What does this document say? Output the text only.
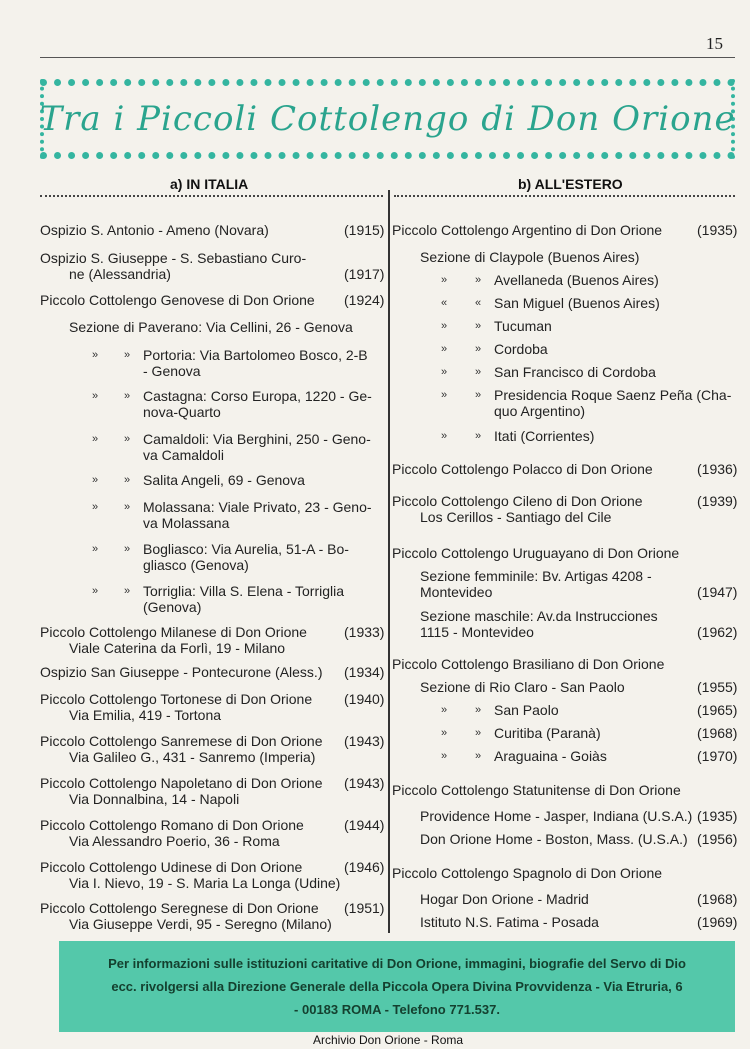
15
Tra i Piccoli Cottolengo di Don Orione
a) IN ITALIA	b) ALL'ESTERO
Ospizio S. Antonio - Ameno (Novara)	(1915)
Ospizio S. Giuseppe - S. Sebastiano Curo-
ne (Alessandria)	(1917)
Piccolo Cottolengo Genovese di Don Orione (1924)
Sezione di Paverano: Via Cellini, 26 - Genova
» » Portoria: Via Bartolomeo Bosco, 2-B
- Genova
» » Castagna: Corso Europa, 1220 - Ge-
nova-Quarto
» » Camaldoli: Via Berghini, 250 - Geno-
va Camaldoli
» » Salita Angeli, 69 - Genova
» » Molassana: Viale Privato, 23 - Geno-
va Molassana
» » Bogliasco: Via Aurelia, 51-A - Bo-
gliasco (Genova)
» » Torriglia: Villa S. Elena - Torriglia
(Genova)
Piccolo Cottolengo Milanese di Don Orione
Viale Caterina da Forlì, 19 - Milano
(1933)
Ospizio San Giuseppe - Pontecurone (Aless.) (1934)
Piccolo Cottolengo Tortonese di Don Orione
Via Emilia, 419 - Tortona
(1940)
Piccolo Cottolengo Sanremese di Don Orione
Via Galileo G., 431 - Sanremo (Imperia)
(1943)
Piccolo Cottolengo Napoletano di Don Orione
Via Donnalbina, 14 - Napoli
(1943)
Piccolo Cottolengo Romano di Don Orione
Via Alessandro Poerio, 36 - Roma
(1944)
Piccolo Cottolengo Udinese di Don Orione
Via I. Nievo, 19 - S. Maria La Longa (Udine)
(1946)
Piccolo Cottolengo Seregnese di Don Orione
Via Giuseppe Verdi, 95 - Seregno (Milano)
(1951)
Piccolo Cottolengo Argentino di Don Orione (1935)
Sezione di Claypole (Buenos Aires)
»	» Avellaneda (Buenos Aires)
«	« San Miguel (Buenos Aires)
»	» Tucuman
»	» Cordoba
»	» San Francisco di Cordoba
»	» Presidencia Roque Saenz Peña (Cha-
quo Argentino)
»	» Itati (Corrientes)
Piccolo Cottolengo Polacco di Don Orione	(1936)
Piccolo Cottolengo Cileno di Don Orione
Los Cerillos - Santiago del Cile
(1939)
Piccolo Cottolengo Uruguayano di Don Orione
Sezione femminile: Bv. Artigas 4208 -
Montevideo	(1947)
Sezione maschile: Av.da Instrucciones
1115 - Montevideo	(1962)
Piccolo Cottolengo Brasiliano di Don Orione
Sezione di Rio Claro - San Paolo	(1955)
»	» San Paolo	(1965)
»	» Curitiba (Paranà)	(1968)
»	» Araguaina - Goiàs	(1970)
Piccolo Cottolengo Statunitense di Don Orione
Providence Home - Jasper, Indiana (U.S.A.) (1935)
Don Orione Home - Boston, Mass. (U.S.A.) (1956)
Piccolo Cottolengo Spagnolo di Don Orione
Hogar Don Orione - Madrid	(1968)
Istituto N.S. Fatima - Posada	(1969)
Per informazioni sulle istituzioni caritative di Don Orione, immagini, biografie del Servo di Dio
ecc. rivolgersi alla Direzione Generale della Piccola Opera Divina Provvidenza - Via Etruria, 6
- 00183 ROMA - Telefono 771.537.
Archivio Don Orione - Roma
